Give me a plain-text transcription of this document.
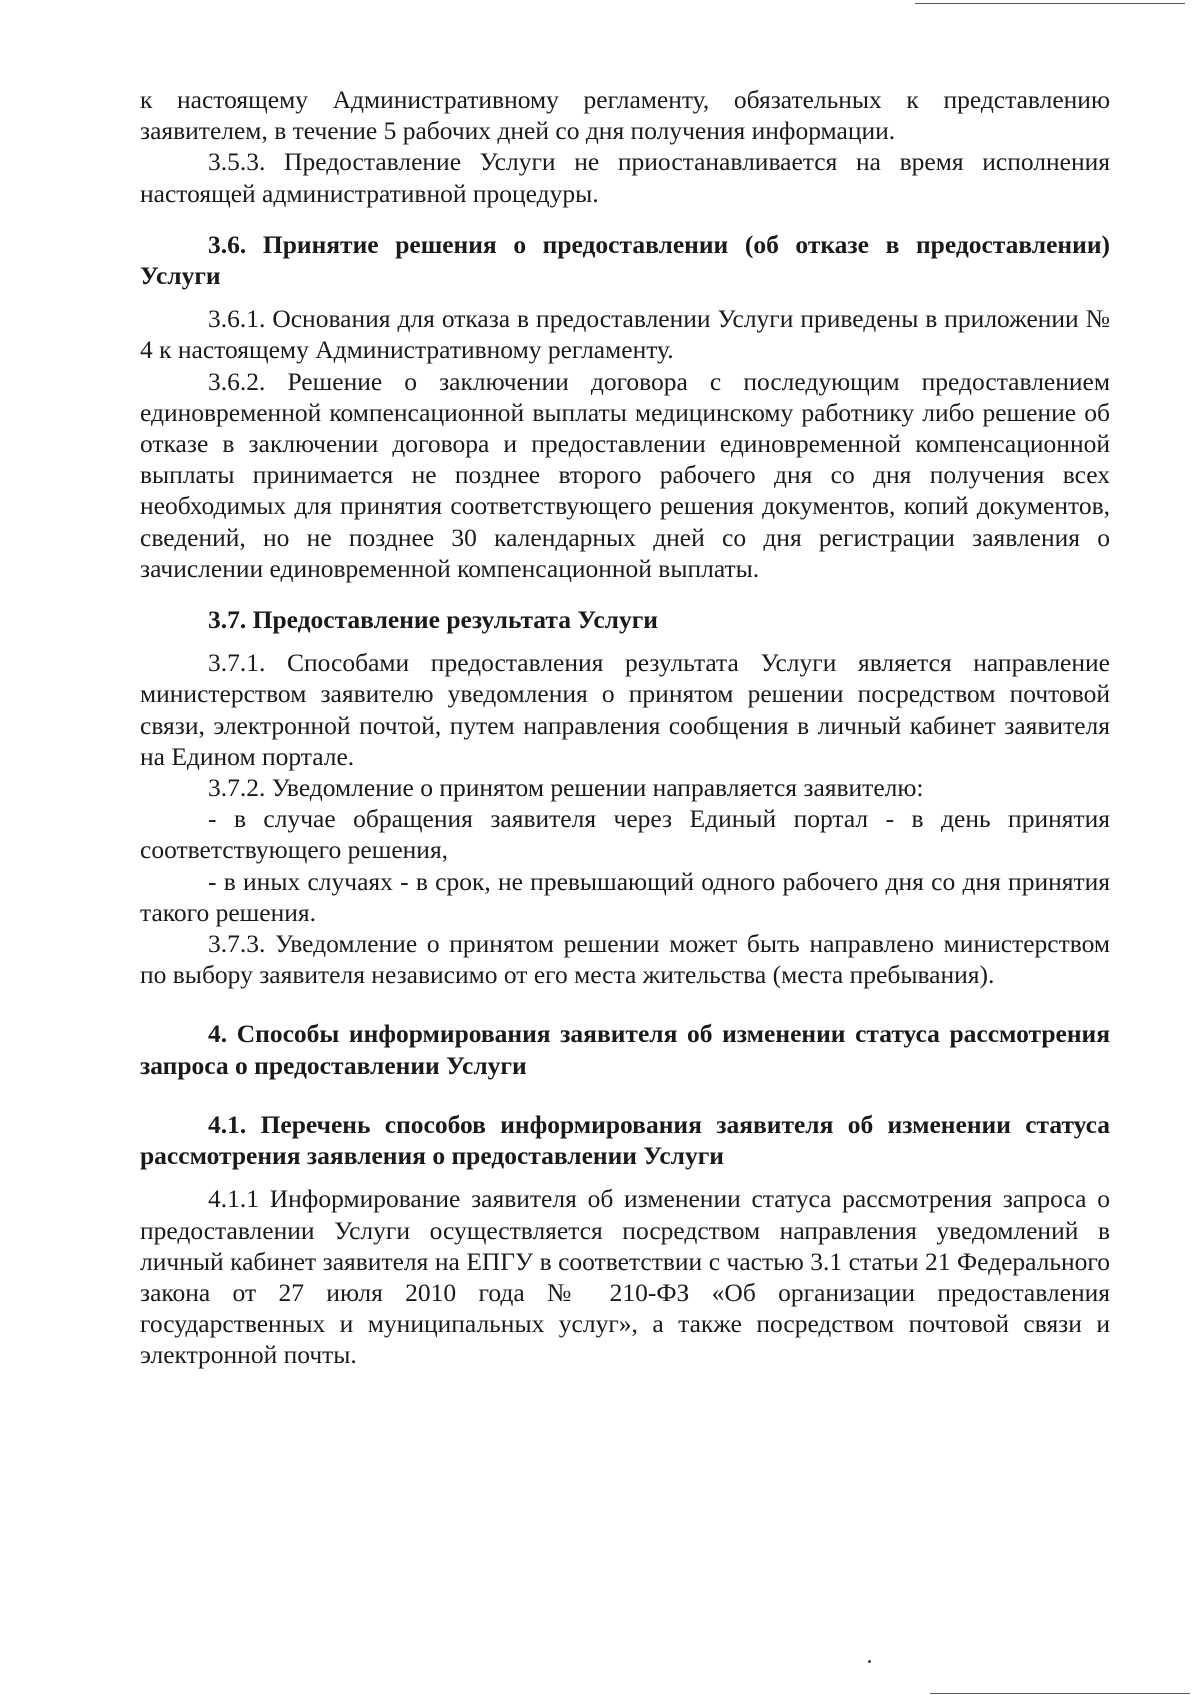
к настоящему Административному регламенту, обязательных к представлению заявителем, в течение 5 рабочих дней со дня получения информации.

3.5.3. Предоставление Услуги не приостанавливается на время исполнения настоящей административной процедуры.

3.6. Принятие решения о предоставлении (об отказе в предоставлении) Услуги

3.6.1. Основания для отказа в предоставлении Услуги приведены в приложении № 4 к настоящему Административному регламенту.

3.6.2. Решение о заключении договора с последующим предоставлением единовременной компенсационной выплаты медицинскому работнику либо решение об отказе в заключении договора и предоставлении единовременной компенсационной выплаты принимается не позднее второго рабочего дня со дня получения всех необходимых для принятия соответствующего решения документов, копий документов, сведений, но не позднее 30 календарных дней со дня регистрации заявления о зачислении единовременной компенсационной выплаты.

3.7. Предоставление результата Услуги

3.7.1. Способами предоставления результата Услуги является направление министерством заявителю уведомления о принятом решении посредством почтовой связи, электронной почтой, путем направления сообщения в личный кабинет заявителя на Едином портале.

3.7.2. Уведомление о принятом решении направляется заявителю:

- в случае обращения заявителя через Единый портал - в день принятия соответствующего решения,

- в иных случаях - в срок, не превышающий одного рабочего дня со дня принятия такого решения.

3.7.3. Уведомление о принятом решении может быть направлено министерством по выбору заявителя независимо от его места жительства (места пребывания).

4. Способы информирования заявителя об изменении статуса рассмотрения запроса о предоставлении Услуги

4.1. Перечень способов информирования заявителя об изменении статуса рассмотрения заявления о предоставлении Услуги

4.1.1 Информирование заявителя об изменении статуса рассмотрения запроса о предоставлении Услуги осуществляется посредством направления уведомлений в личный кабинет заявителя на ЕПГУ в соответствии с частью 3.1 статьи 21 Федерального закона от 27 июля 2010 года № 210-ФЗ «Об организации предоставления государственных и муниципальных услуг», а также посредством почтовой связи и электронной почты.
